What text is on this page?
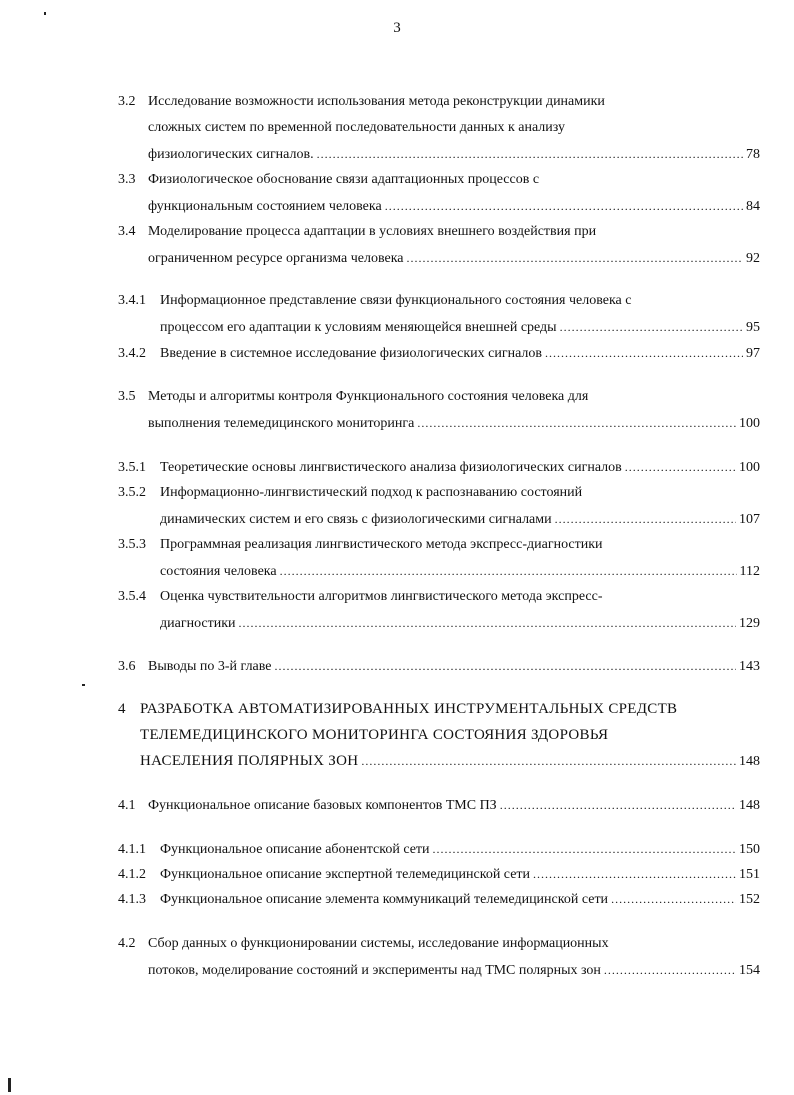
3
3.2 Исследование возможности использования метода реконструкции динамики
сложных систем по временной последовательности данных к анализу
физиологических сигналов. .....	78
3.3 Физиологическое обоснование связи адаптационных процессов с
функциональным состоянием человека .....	84
3.4 Моделирование процесса адаптации в условиях внешнего воздействия при
ограниченном ресурсе организма человека .....	92
3.4.1 Информационное представление связи функционального состояния человека с
процессом его адаптации к условиям меняющейся внешней среды .....	95
3.4.2	Введение в системное исследование физиологических сигналов .....	97
3.5 Методы и алгоритмы контроля Функционального состояния человека для
выполнения телемедицинского мониторинга .....	100
3.5.1	Теоретические основы лингвистического анализа физиологических сигналов .....	100
3.5.2 Информационно-лингвистический подход к распознаванию состояний
динамических систем и его связь с физиологическими сигналами .....	107
3.5.3 Программная реализация лингвистического метода экспресс-диагностики
состояния человека .....	112
3.5.4 Оценка чувствительности алгоритмов лингвистического метода экспресс-
диагностики .....	129
3.6 Выводы по 3-й главе .....	143
4 РАЗРАБОТКА АВТОМАТИЗИРОВАННЫХ ИНСТРУМЕНТАЛЬНЫХ СРЕДСТВ
ТЕЛЕМЕДИЦИНСКОГО МОНИТОРИНГА СОСТОЯНИЯ ЗДОРОВЬЯ
НАСЕЛЕНИЯ ПОЛЯРНЫХ ЗОН .....	148
4.1 Функциональное описание базовых компонентов ТМС ПЗ .....	148
4.1.1	Функциональное описание абонентской сети .....	150
4.1.2	Функциональное описание экспертной телемедицинской сети .....	151
4.1.3	Функциональное описание элемента коммуникаций телемедицинской сети .....	152
4.2 Сбор данных о функционировании системы, исследование информационных
потоков, моделирование состояний и эксперименты над ТМС полярных зон .....	154
